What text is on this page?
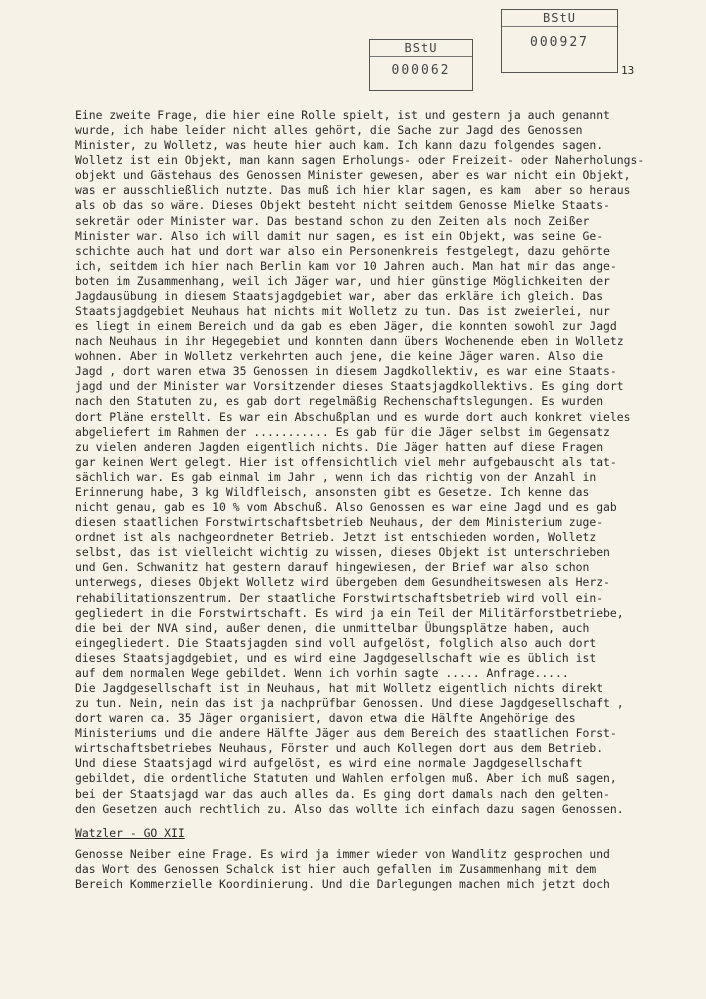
BStU
000062
BStU
000927
13
Eine zweite Frage, die hier eine Rolle spielt, ist und gestern ja auch genannt
wurde, ich habe leider nicht alles gehört, die Sache zur Jagd des Genossen
Minister, zu Wolletz, was heute hier auch kam. Ich kann dazu folgendes sagen.
Wolletz ist ein Objekt, man kann sagen Erholungs- oder Freizeit- oder Naherholungs-
objekt und Gästehaus des Genossen Minister gewesen, aber es war nicht ein Objekt,
was er ausschließlich nutzte. Das muß ich hier klar sagen, es kam  aber so heraus
als ob das so wäre. Dieses Objekt besteht nicht seitdem Genosse Mielke Staats-
sekretär oder Minister war. Das bestand schon zu den Zeiten als noch Zeißer
Minister war. Also ich will damit nur sagen, es ist ein Objekt, was seine Ge-
schichte auch hat und dort war also ein Personenkreis festgelegt, dazu gehörte
ich, seitdem ich hier nach Berlin kam vor 10 Jahren auch. Man hat mir das ange-
boten im Zusammenhang, weil ich Jäger war, und hier günstige Möglichkeiten der
Jagdausübung in diesem Staatsjagdgebiet war, aber das erkläre ich gleich. Das
Staatsjagdgebiet Neuhaus hat nichts mit Wolletz zu tun. Das ist zweierlei, nur
es liegt in einem Bereich und da gab es eben Jäger, die konnten sowohl zur Jagd
nach Neuhaus in ihr Hegegebiet und konnten dann übers Wochenende eben in Wolletz
wohnen. Aber in Wolletz verkehrten auch jene, die keine Jäger waren. Also die
Jagd , dort waren etwa 35 Genossen in diesem Jagdkollektiv, es war eine Staats-
jagd und der Minister war Vorsitzender dieses Staatsjagdkollektivs. Es ging dort
nach den Statuten zu, es gab dort regelmäßig Rechenschaftslegungen. Es wurden
dort Pläne erstellt. Es war ein Abschußplan und es wurde dort auch konkret vieles
abgeliefert im Rahmen der ........... Es gab für die Jäger selbst im Gegensatz
zu vielen anderen Jagden eigentlich nichts. Die Jäger hatten auf diese Fragen
gar keinen Wert gelegt. Hier ist offensichtlich viel mehr aufgebauscht als tat-
sächlich war. Es gab einmal im Jahr , wenn ich das richtig von der Anzahl in
Erinnerung habe, 3 kg Wildfleisch, ansonsten gibt es Gesetze. Ich kenne das
nicht genau, gab es 10 % vom Abschuß. Also Genossen es war eine Jagd und es gab
diesen staatlichen Forstwirtschaftsbetrieb Neuhaus, der dem Ministerium zuge-
ordnet ist als nachgeordneter Betrieb. Jetzt ist entschieden worden, Wolletz
selbst, das ist vielleicht wichtig zu wissen, dieses Objekt ist unterschrieben
und Gen. Schwanitz hat gestern darauf hingewiesen, der Brief war also schon
unterwegs, dieses Objekt Wolletz wird übergeben dem Gesundheitswesen als Herz-
rehabilitationszentrum. Der staatliche Forstwirtschaftsbetrieb wird voll ein-
gegliedert in die Forstwirtschaft. Es wird ja ein Teil der Militärforstbetriebe,
die bei der NVA sind, außer denen, die unmittelbar Übungsplätze haben, auch
eingegliedert. Die Staatsjagden sind voll aufgelöst, folglich also auch dort
dieses Staatsjagdgebiet, und es wird eine Jagdgesellschaft wie es üblich ist
auf dem normalen Wege gebildet. Wenn ich vorhin sagte ..... Anfrage.....
Die Jagdgesellschaft ist in Neuhaus, hat mit Wolletz eigentlich nichts direkt
zu tun. Nein, nein das ist ja nachprüfbar Genossen. Und diese Jagdgesellschaft ,
dort waren ca. 35 Jäger organisiert, davon etwa die Hälfte Angehörige des
Ministeriums und die andere Hälfte Jäger aus dem Bereich des staatlichen Forst-
wirtschaftsbetriebes Neuhaus, Förster und auch Kollegen dort aus dem Betrieb.
Und diese Staatsjagd wird aufgelöst, es wird eine normale Jagdgesellschaft
gebildet, die ordentliche Statuten und Wahlen erfolgen muß. Aber ich muß sagen,
bei der Staatsjagd war das auch alles da. Es ging dort damals nach den gelten-
den Gesetzen auch rechtlich zu. Also das wollte ich einfach dazu sagen Genossen.
Watzler - GO XII
Genosse Neiber eine Frage. Es wird ja immer wieder von Wandlitz gesprochen und
das Wort des Genossen Schalck ist hier auch gefallen im Zusammenhang mit dem
Bereich Kommerzielle Koordinierung. Und die Darlegungen machen mich jetzt doch
